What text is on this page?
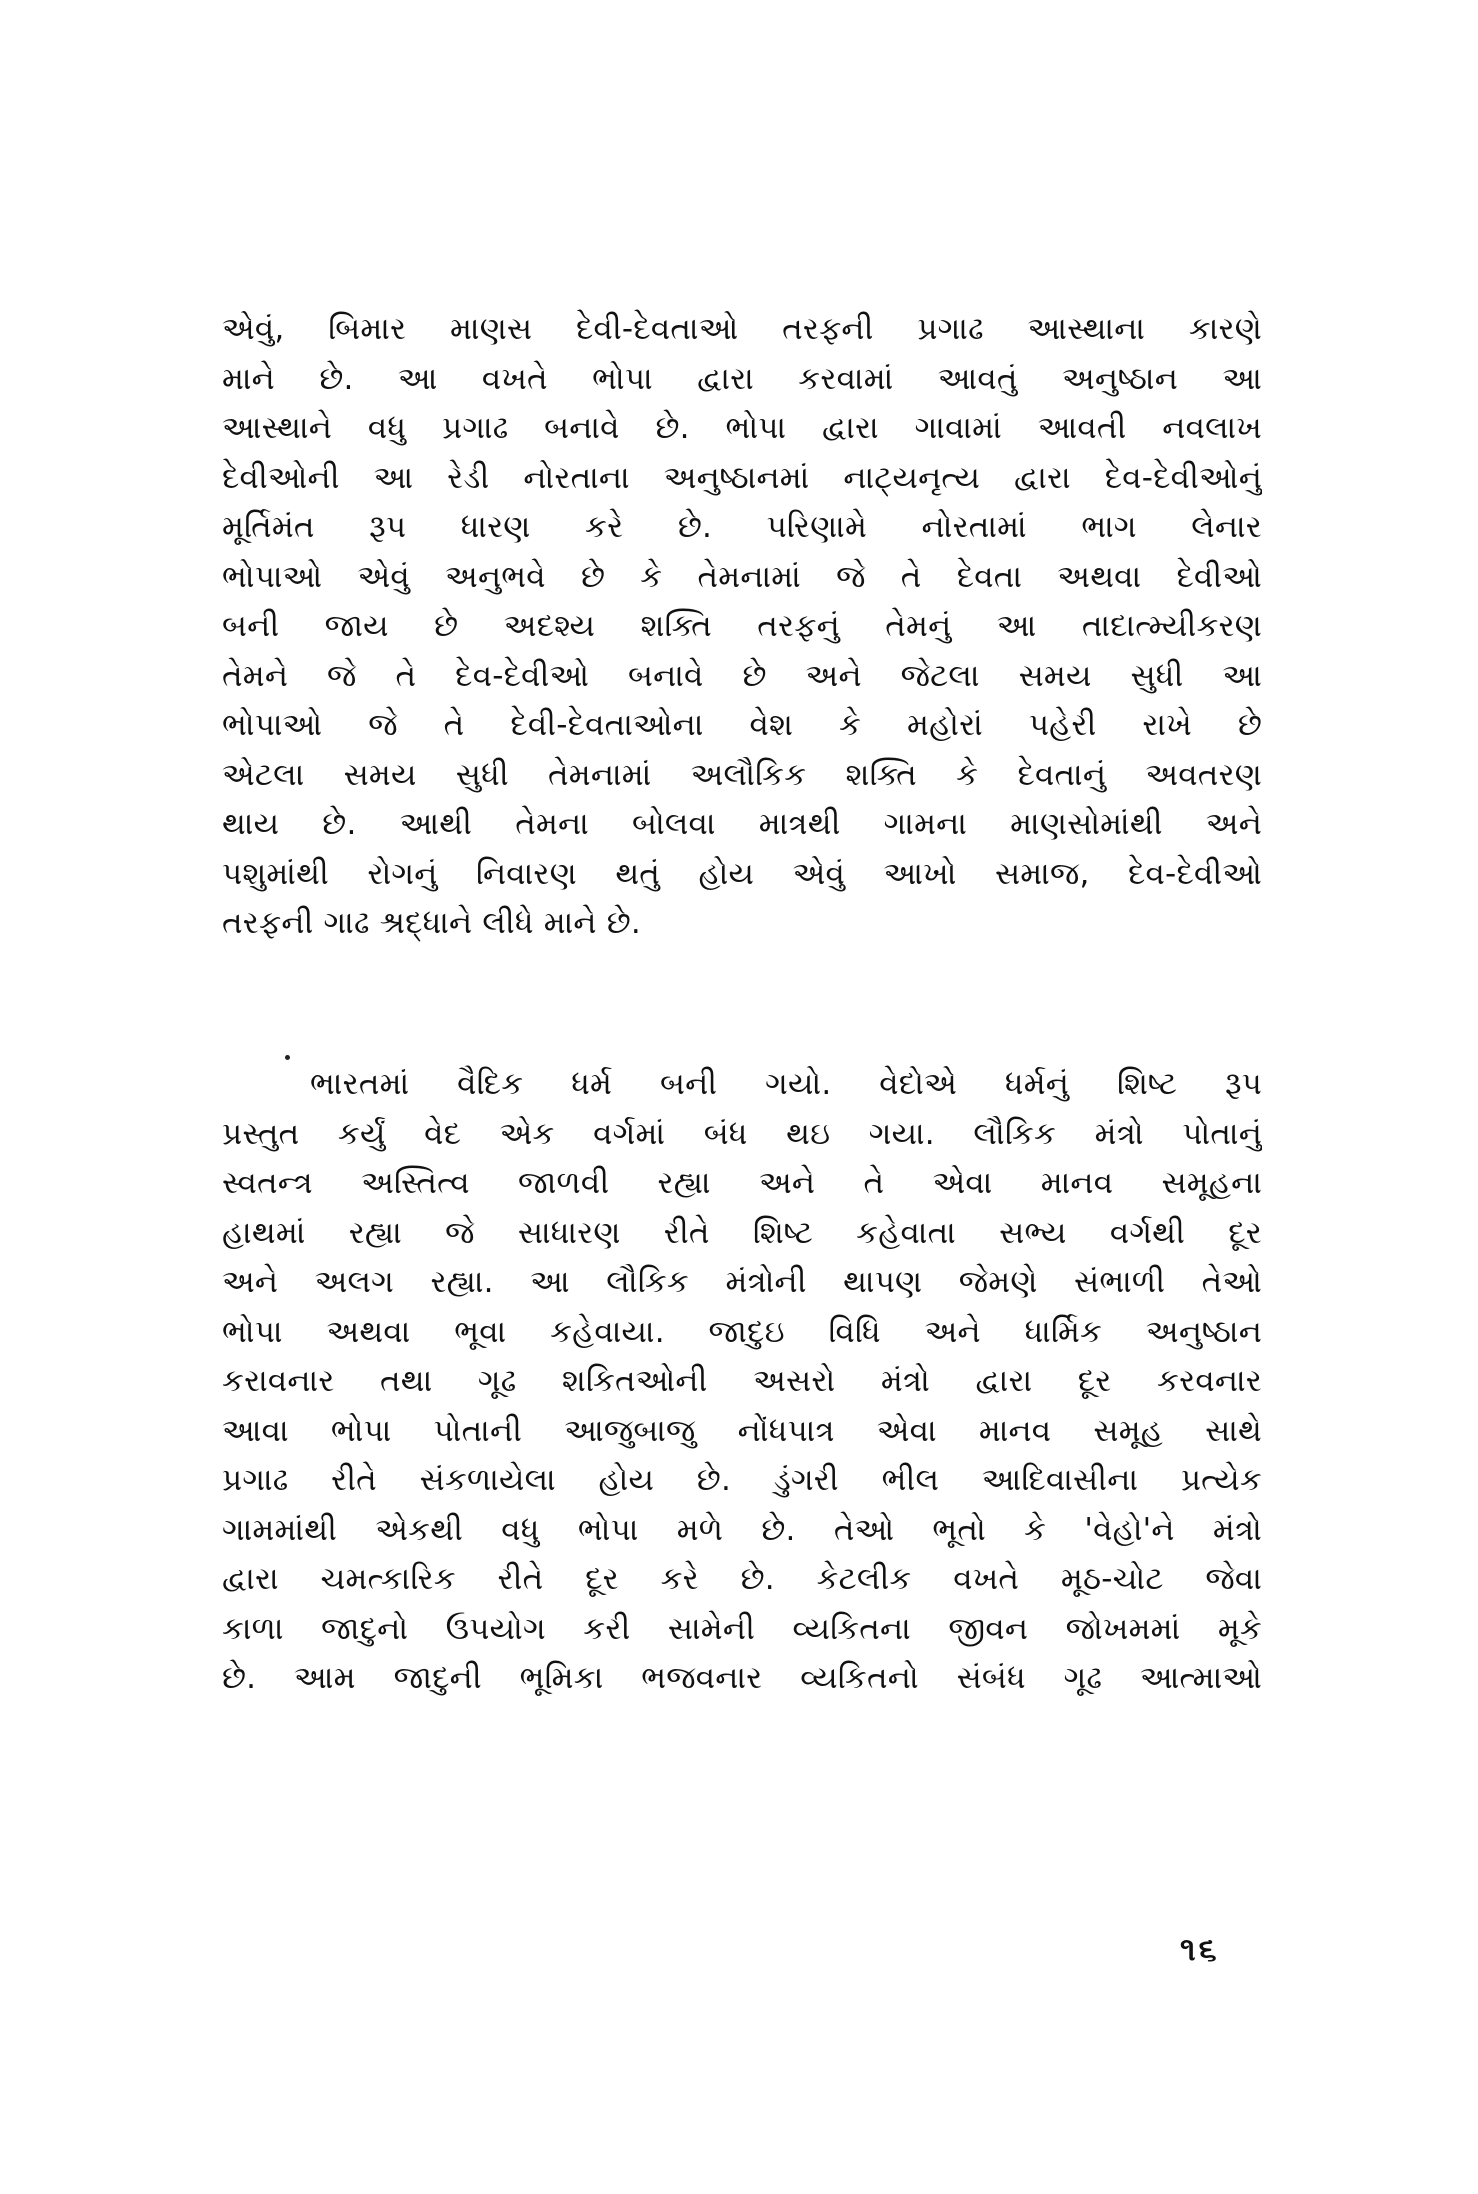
એવું, બિમાર માણસ દેવી-દેવતાઓ તરફની પ્રગાઢ આસ્થાના કારણે
માને છે. આ વખતે ભોપા દ્વારા કરવામાં આવતું અનુષ્ઠાન આ
આસ્થાને વધુ પ્રગાઢ બનાવે છે. ભોપા દ્વારા ગાવામાં આવતી નવલાખ
દેવીઓની આ રેડી નોરતાના અનુષ્ઠાનમાં નાટ્યનૃત્ય દ્વારા દેવ-દેવીઓનું
મૂર્તિમંત રૂપ ધારણ કરે છે. પરિણામે નોરતામાં ભાગ લેનાર
ભોપાઓ એવું અનુભવે છે કે તેમનામાં જે તે દેવતા અથવા દેવીઓ
બની જાય છે અદશ્ય શક્તિ તરફનું તેમનું આ તાદાત્મ્યીકરણ
તેમને જે તે દેવ-દેવીઓ બનાવે છે અને જેટલા સમય સુધી આ
ભોપાઓ જે તે દેવી-દેવતાઓના વેશ કે મહોરાં પહેરી રાખે છે
એટલા સમય સુધી તેમનામાં અલૌકિક શક્તિ કે દેવતાનું અવતરણ
થાય છે. આથી તેમના બોલવા માત્રથી ગામના માણસોમાંથી અને
પશુમાંથી રોગનું નિવારણ થતું હોય એવું આખો સમાજ, દેવ-દેવીઓ
તરફની ગાઢ શ્રદ્ધાને લીધે માને છે.
ભારતમાં વૈદિક ધર્મ બની ગયો. વેદોએ ધર્મનું શિષ્ટ રૂપ
પ્રસ્તુત કર્યું વેદ એક વર્ગમાં બંધ થઇ ગયા. લૌકિક મંત્રો પોતાનું
સ્વતન્ત્ર અસ્તિત્વ જાળવી રહ્યા અને તે એવા માનવ સમૂહના
હાથમાં રહ્યા જે સાધારણ રીતે શિષ્ટ કહેવાતા સભ્ય વર્ગથી દૂર
અને અલગ રહ્યા. આ લૌકિક મંત્રોની થાપણ જેમણે સંભાળી તેઓ
ભોપા અથવા ભૂવા કહેવાયા. જાદુઇ વિધિ અને ધાર્મિક અનુષ્ઠાન
કરાવનાર તથા ગૂઢ શકિતઓની અસરો મંત્રો દ્વારા દૂર કરવનાર
આવા ભોપા પોતાની આજુબાજુ નોંધપાત્ર એવા માનવ સમૂહ સાથે
પ્રગાઢ રીતે સંકળાયેલા હોય છે. ડુંગરી ભીલ આદિવાસીના પ્રત્યેક
ગામમાંથી એકથી વધુ ભોપા મળે છે. તેઓ ભૂતો કે 'વેહો'ને મંત્રો
દ્વારા ચમત્કારિક રીતે દૂર કરે છે. કેટલીક વખતે મૂઠ-ચોટ જેવા
કાળા જાદુનો ઉપયોગ કરી સામેની વ્યકિતના જીવન જોખમમાં મૂકે
છે. આમ જાદુની ભૂમિકા ભજવનાર વ્યકિતનો સંબંધ ગૂઢ આત્માઓ
૧૬
